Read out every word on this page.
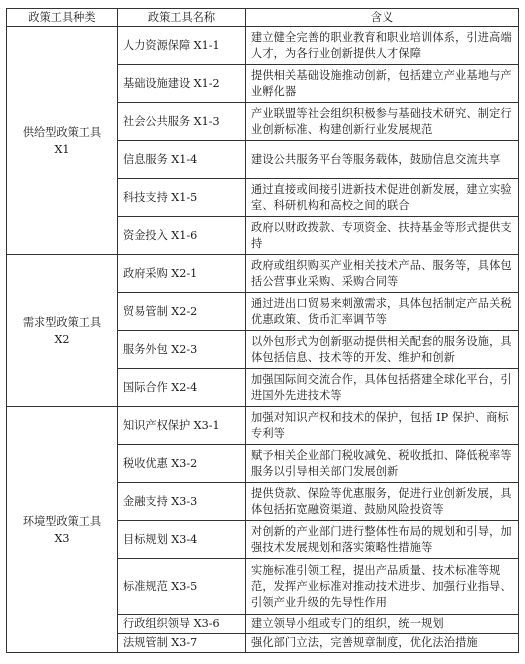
政策工具种类	政策工具名称	含义

供给型政策工具
X1	人力资源保障 X1-1	建立健全完善的职业教育和职业培训体系，引进高端人才，为各行业创新提供人才保障
	基础设施建设 X1-2	提供相关基础设施推动创新，包括建立产业基地与产业孵化器
	社会公共服务 X1-3	产业联盟等社会组织积极参与基础技术研究、制定行业创新标准、构建创新行业发展规范
	信息服务 X1-4	建设公共服务平台等服务载体，鼓励信息交流共享
	科技支持 X1-5	通过直接或间接引进新技术促进创新发展，建立实验室、科研机构和高校之间的联合
	资金投入 X1-6	政府以财政拨款、专项资金、扶持基金等形式提供支持

需求型政策工具
X2	政府采购 X2-1	政府或组织购买产业相关技术产品、服务等，具体包括公营事业采购、采购合同等
	贸易管制 X2-2	通过进出口贸易来刺激需求，具体包括制定产品关税优惠政策、货币汇率调节等
	服务外包 X2-3	以外包形式为创新驱动提供相关配套的服务设施，具体包括信息、技术等的开发、维护和创新
	国际合作 X2-4	加强国际间交流合作，具体包括搭建全球化平台，引进国外先进技术等

环境型政策工具
X3	知识产权保护 X3-1	加强对知识产权和技术的保护，包括 IP 保护、商标专利等
	税收优惠 X3-2	赋予相关企业部门税收减免、税收抵扣、降低税率等服务以引导相关部门发展创新
	金融支持 X3-3	提供贷款、保险等优惠服务，促进行业创新发展，具体包括拓宽融资渠道、鼓励风险投资等
	目标规划 X3-4	对创新的产业部门进行整体性布局的规划和引导，加强技术发展规划和落实策略性措施等
	标准规范 X3-5	实施标准引领工程，提出产品质量、技术标准等规范，发挥产业标准对推动技术进步、加强行业指导、引领产业升级的先导性作用
	行政组织领导 X3-6	建立领导小组或专门的组织，统一规划
	法规管制 X3-7	强化部门立法，完善规章制度，优化法治措施
